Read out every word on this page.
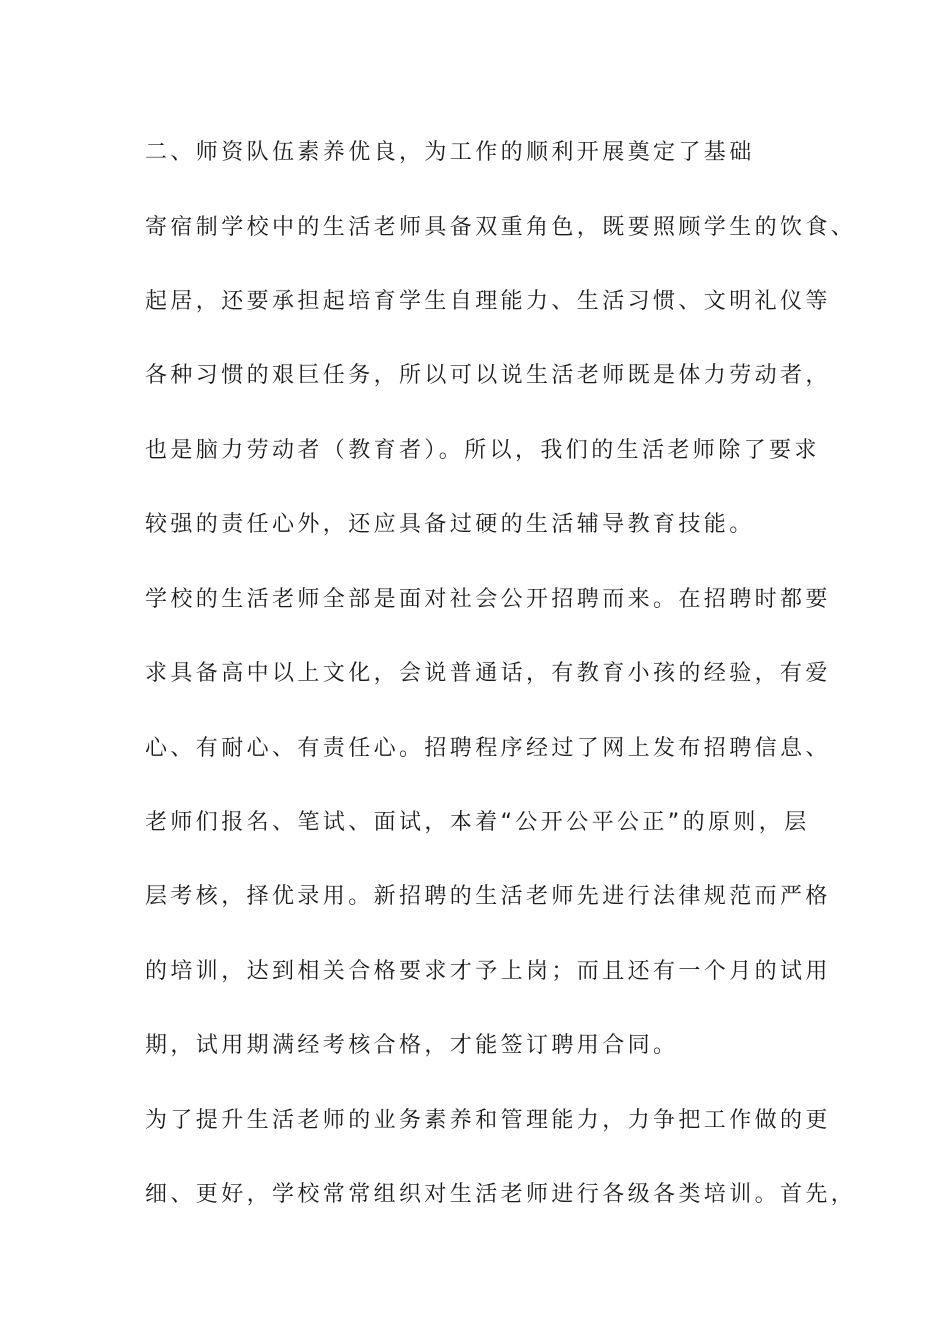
二、师资队伍素养优良，为工作的顺利开展奠定了基础
寄宿制学校中的生活老师具备双重角色，既要照顾学生的饮食、
起居，还要承担起培育学生自理能力、生活习惯、文明礼仪等
各种习惯的艰巨任务，所以可以说生活老师既是体力劳动者，
也是脑力劳动者（教育者）。所以，我们的生活老师除了要求
较强的责任心外，还应具备过硬的生活辅导教育技能。
学校的生活老师全部是面对社会公开招聘而来。在招聘时都要
求具备高中以上文化，会说普通话，有教育小孩的经验，有爱
心、有耐心、有责任心。招聘程序经过了网上发布招聘信息、
老师们报名、笔试、面试，本着“公开公平公正”的原则，层
层考核，择优录用。新招聘的生活老师先进行法律规范而严格
的培训，达到相关合格要求才予上岗；而且还有一个月的试用
期，试用期满经考核合格，才能签订聘用合同。
为了提升生活老师的业务素养和管理能力，力争把工作做的更
细、更好，学校常常组织对生活老师进行各级各类培训。首先，
